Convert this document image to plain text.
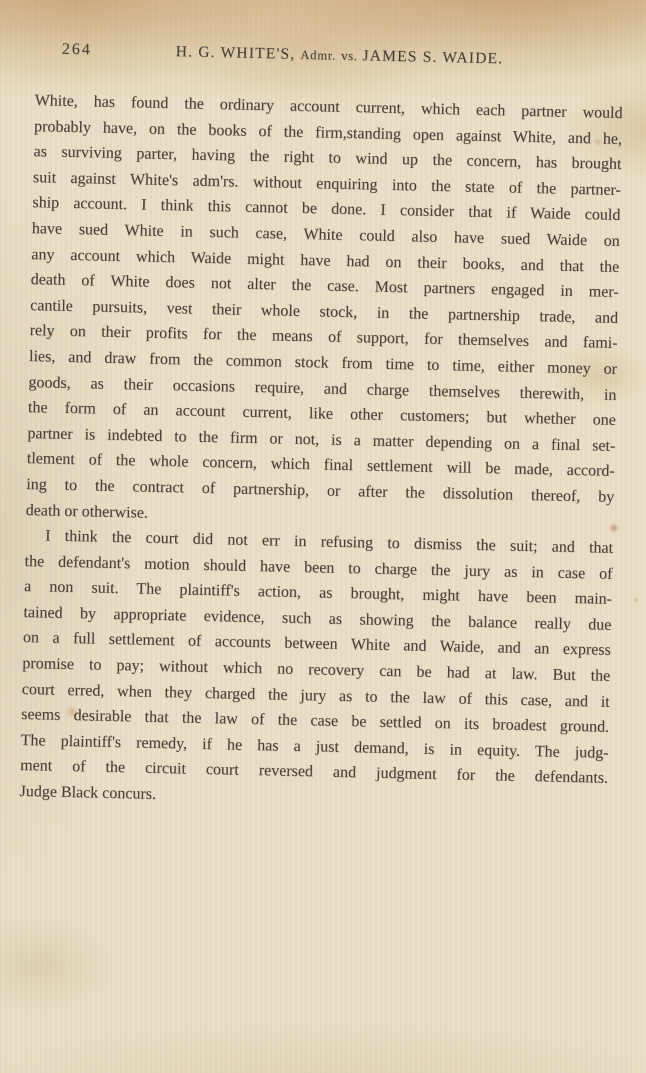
264	H. G. WHITE'S, Admr. vs. JAMES S. WAIDE.
White, has found the ordinary account current, which each partner would
probably have, on the books of the firm,standing open against White, and he,
as surviving parter, having the right to wind up the concern, has brought
suit against White's adm'rs. without enquiring into the state of the partner-
ship account. I think this cannot be done. I consider that if Waide could
have sued White in such case, White could also have sued Waide on
any account which Waide might have had on their books, and that the
death of White does not alter the case. Most partners engaged in mer-
cantile pursuits, vest their whole stock, in the partnership trade, and
rely on their profits for the means of support, for themselves and fami-
lies, and draw from the common stock from time to time, either money or
goods, as their occasions require, and charge themselves therewith, in
the form of an account current, like other customers; but whether one
partner is indebted to the firm or not, is a matter depending on a final set-
tlement of the whole concern, which final settlement will be made, accord-
ing to the contract of partnership, or after the dissolution thereof, by
death or otherwise.
I think the court did not err in refusing to dismiss the suit; and that
the defendant's motion should have been to charge the jury as in case of
a non suit. The plaintiff's action, as brought, might have been main-
tained by appropriate evidence, such as showing the balance really due
on a full settlement of accounts between White and Waide, and an express
promise to pay; without which no recovery can be had at law. But the
court erred, when they charged the jury as to the law of this case, and it
seems desirable that the law of the case be settled on its broadest ground.
The plaintiff's remedy, if he has a just demand, is in equity. The judg-
ment of the circuit court reversed and judgment for the defendants.
Judge Black concurs.
